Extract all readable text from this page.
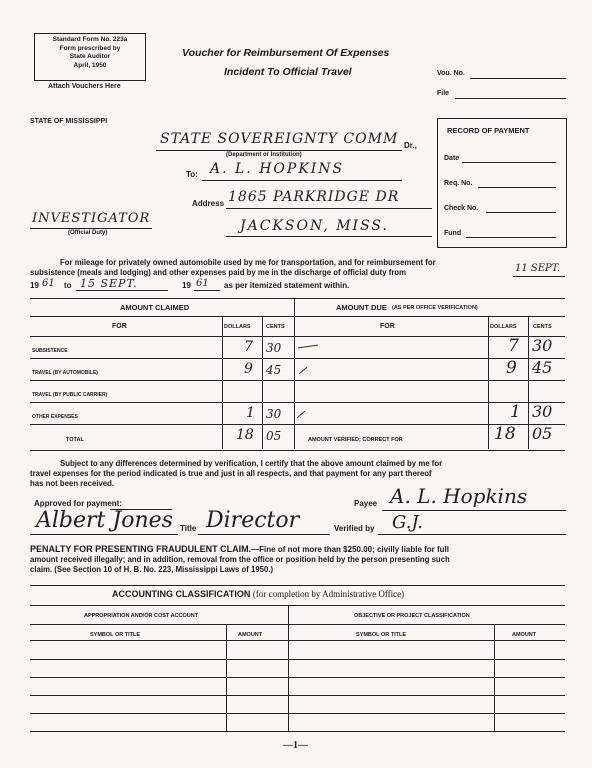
Standard Form No. 223a
Form prescribed by
State Auditor
April, 1950
Attach Vouchers Here
Voucher for Reimbursement Of Expenses
Incident To Official Travel	Vou. No.
File
RECORD OF PAYMENT
Date
Req. No.
Check No.
Fund
STATE OF MISSISSIPPI
STATE SOVEREIGNTY COMM Dr.,
(Department or Institution)
To: A. L. HOPKINS
Address 1865 PARKRIDGE DR
INVESTIGATOR
(Official Duty)	JACKSON, MISS.
For mileage for privately owned automobile used by me for transportation, and for reimbursement for
subsistence (meals and lodging) and other expenses paid by me in the discharge of official duty from	11 SEPT.
19 61 to 15 SEPT.	19 61 as per itemized statement within.
AMOUNT CLAIMED	AMOUNT DUE (AS PER OFFICE VERIFICATION)
FOR	DOLLARS	CENTS	FOR	DOLLARS	CENTS
SUBSISTENCE	7 30	7 30
TRAVEL (BY AUTOMOBILE)	9 45	9 45
TRAVEL (BY PUBLIC CARRIER)
OTHER EXPENSES	1 30	1 30
TOTAL	18 05	AMOUNT VERIFIED; CORRECT FOR	18 05
Subject to any differences determined by verification, I certify that the above amount claimed by me for
travel expenses for the period indicated is true and just in all respects, and that payment for any part thereof
has not been received.
Approved for payment:	Payee A. L. Hopkins
Albert Jones Title Director	Verified by G.J.
PENALTY FOR PRESENTING FRAUDULENT CLAIM.—Fine of not more than $250.00; civilly liable for full
amount received illegally; and in addition, removal from the office or position held by the person presenting such
claim. (See Section 10 of H. B. No. 223, Mississippi Laws of 1950.)
ACCOUNTING CLASSIFICATION (for completion by Administrative Office)
APPROPRIATION AND/OR COST ACCOUNT	OBJECTIVE OR PROJECT CLASSIFICATION
SYMBOL OR TITLE	AMOUNT	SYMBOL OR TITLE	AMOUNT
—1—
